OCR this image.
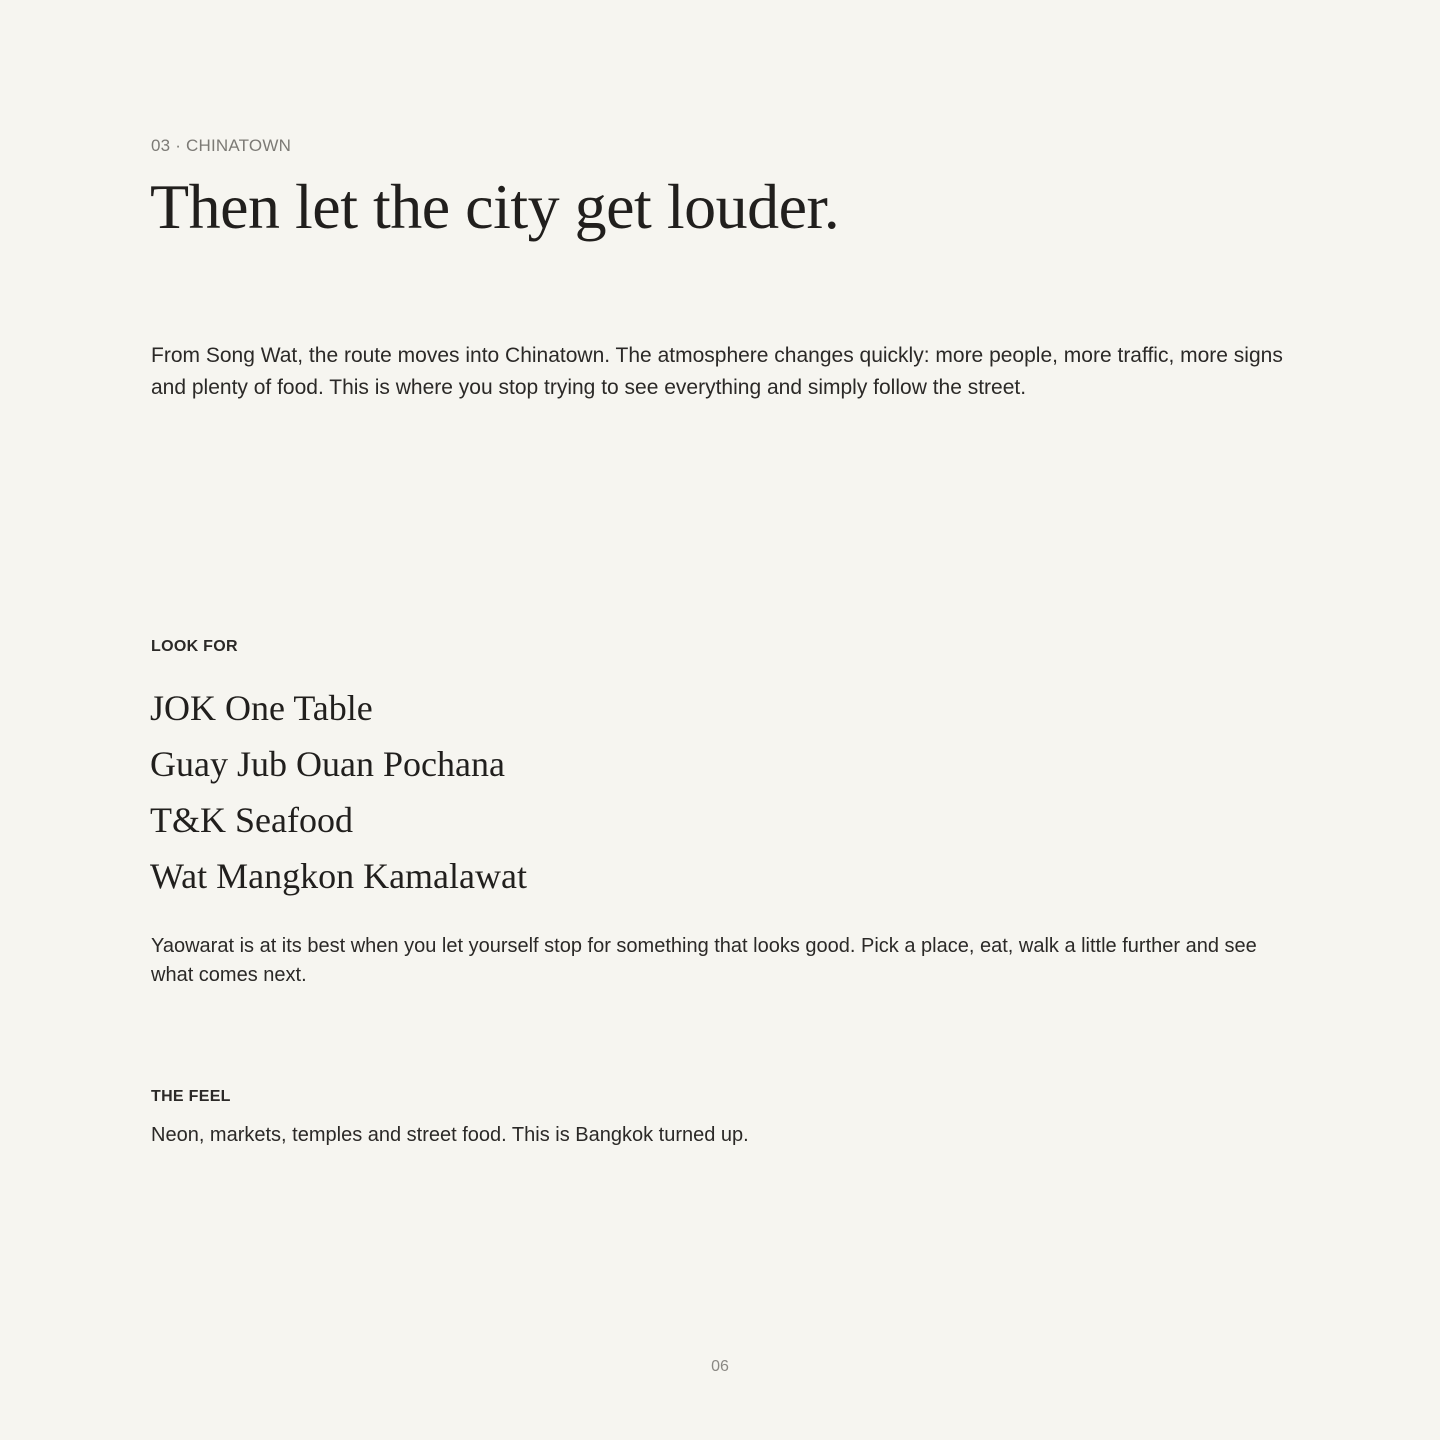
03 · CHINATOWN
Then let the city get louder.

From Song Wat, the route moves into Chinatown. The atmosphere changes quickly: more people, more traffic, more signs and plenty of food. This is where you stop trying to see everything and simply follow the street.

LOOK FOR
JOK One Table
Guay Jub Ouan Pochana
T&K Seafood
Wat Mangkon Kamalawat

Yaowarat is at its best when you let yourself stop for something that looks good. Pick a place, eat, walk a little further and see what comes next.

THE FEEL

Neon, markets, temples and street food. This is Bangkok turned up.

06
